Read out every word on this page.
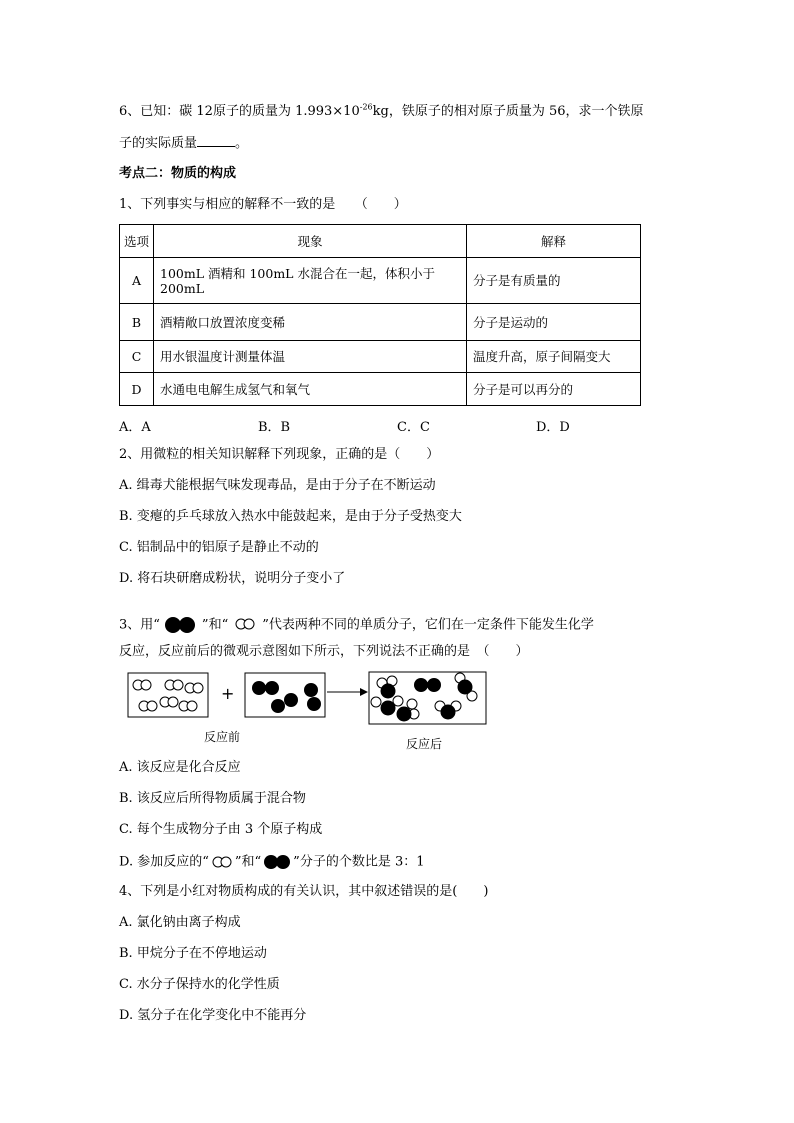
6、已知：碳 12原子的质量为 $1.993\times 10^{-26}kg$，铁原子的相对原子质量为 56，求一个铁原
子的实际质量	。
考点二：物质的构成
1、下列事实与相应的解释不一致的是　　（　　）
选项	现象	解释
A	100mL 酒精和 100mL 水混合在一起，体积小于 200mL	分子是有质量的
B	酒精敞口放置浓度变稀	分子是运动的
C	用水银温度计测量体温	温度升高，原子间隔变大
D	水通电电解生成氢气和氧气	分子是可以再分的
A．A	B．B	C．C	D．D
2、用微粒的相关知识解释下列现象，正确的是（　　）
A. 缉毒犬能根据气味发现毒品，是由于分子在不断运动
B. 变瘪的乒乓球放入热水中能鼓起来，是由于分子受热变大
C. 铝制品中的铝原子是静止不动的
D. 将石块研磨成粉状，说明分子变小了
3、用“	”和“	”代表两种不同的单质分子，它们在一定条件下能发生化学
反应，反应前后的微观示意图如下所示，下列说法不正确的是　（　　）
+
反应前	反应后
A. 该反应是化合反应
B. 该反应后所得物质属于混合物
C. 每个生成物分子由 3 个原子构成
D. 参加反应的“ ”和“ ”分子的个数比是 3：1
4、下列是小红对物质构成的有关认识，其中叙述错误的是(　　)
A. 氯化钠由离子构成
B. 甲烷分子在不停地运动
C. 水分子保持水的化学性质
D. 氢分子在化学变化中不能再分
